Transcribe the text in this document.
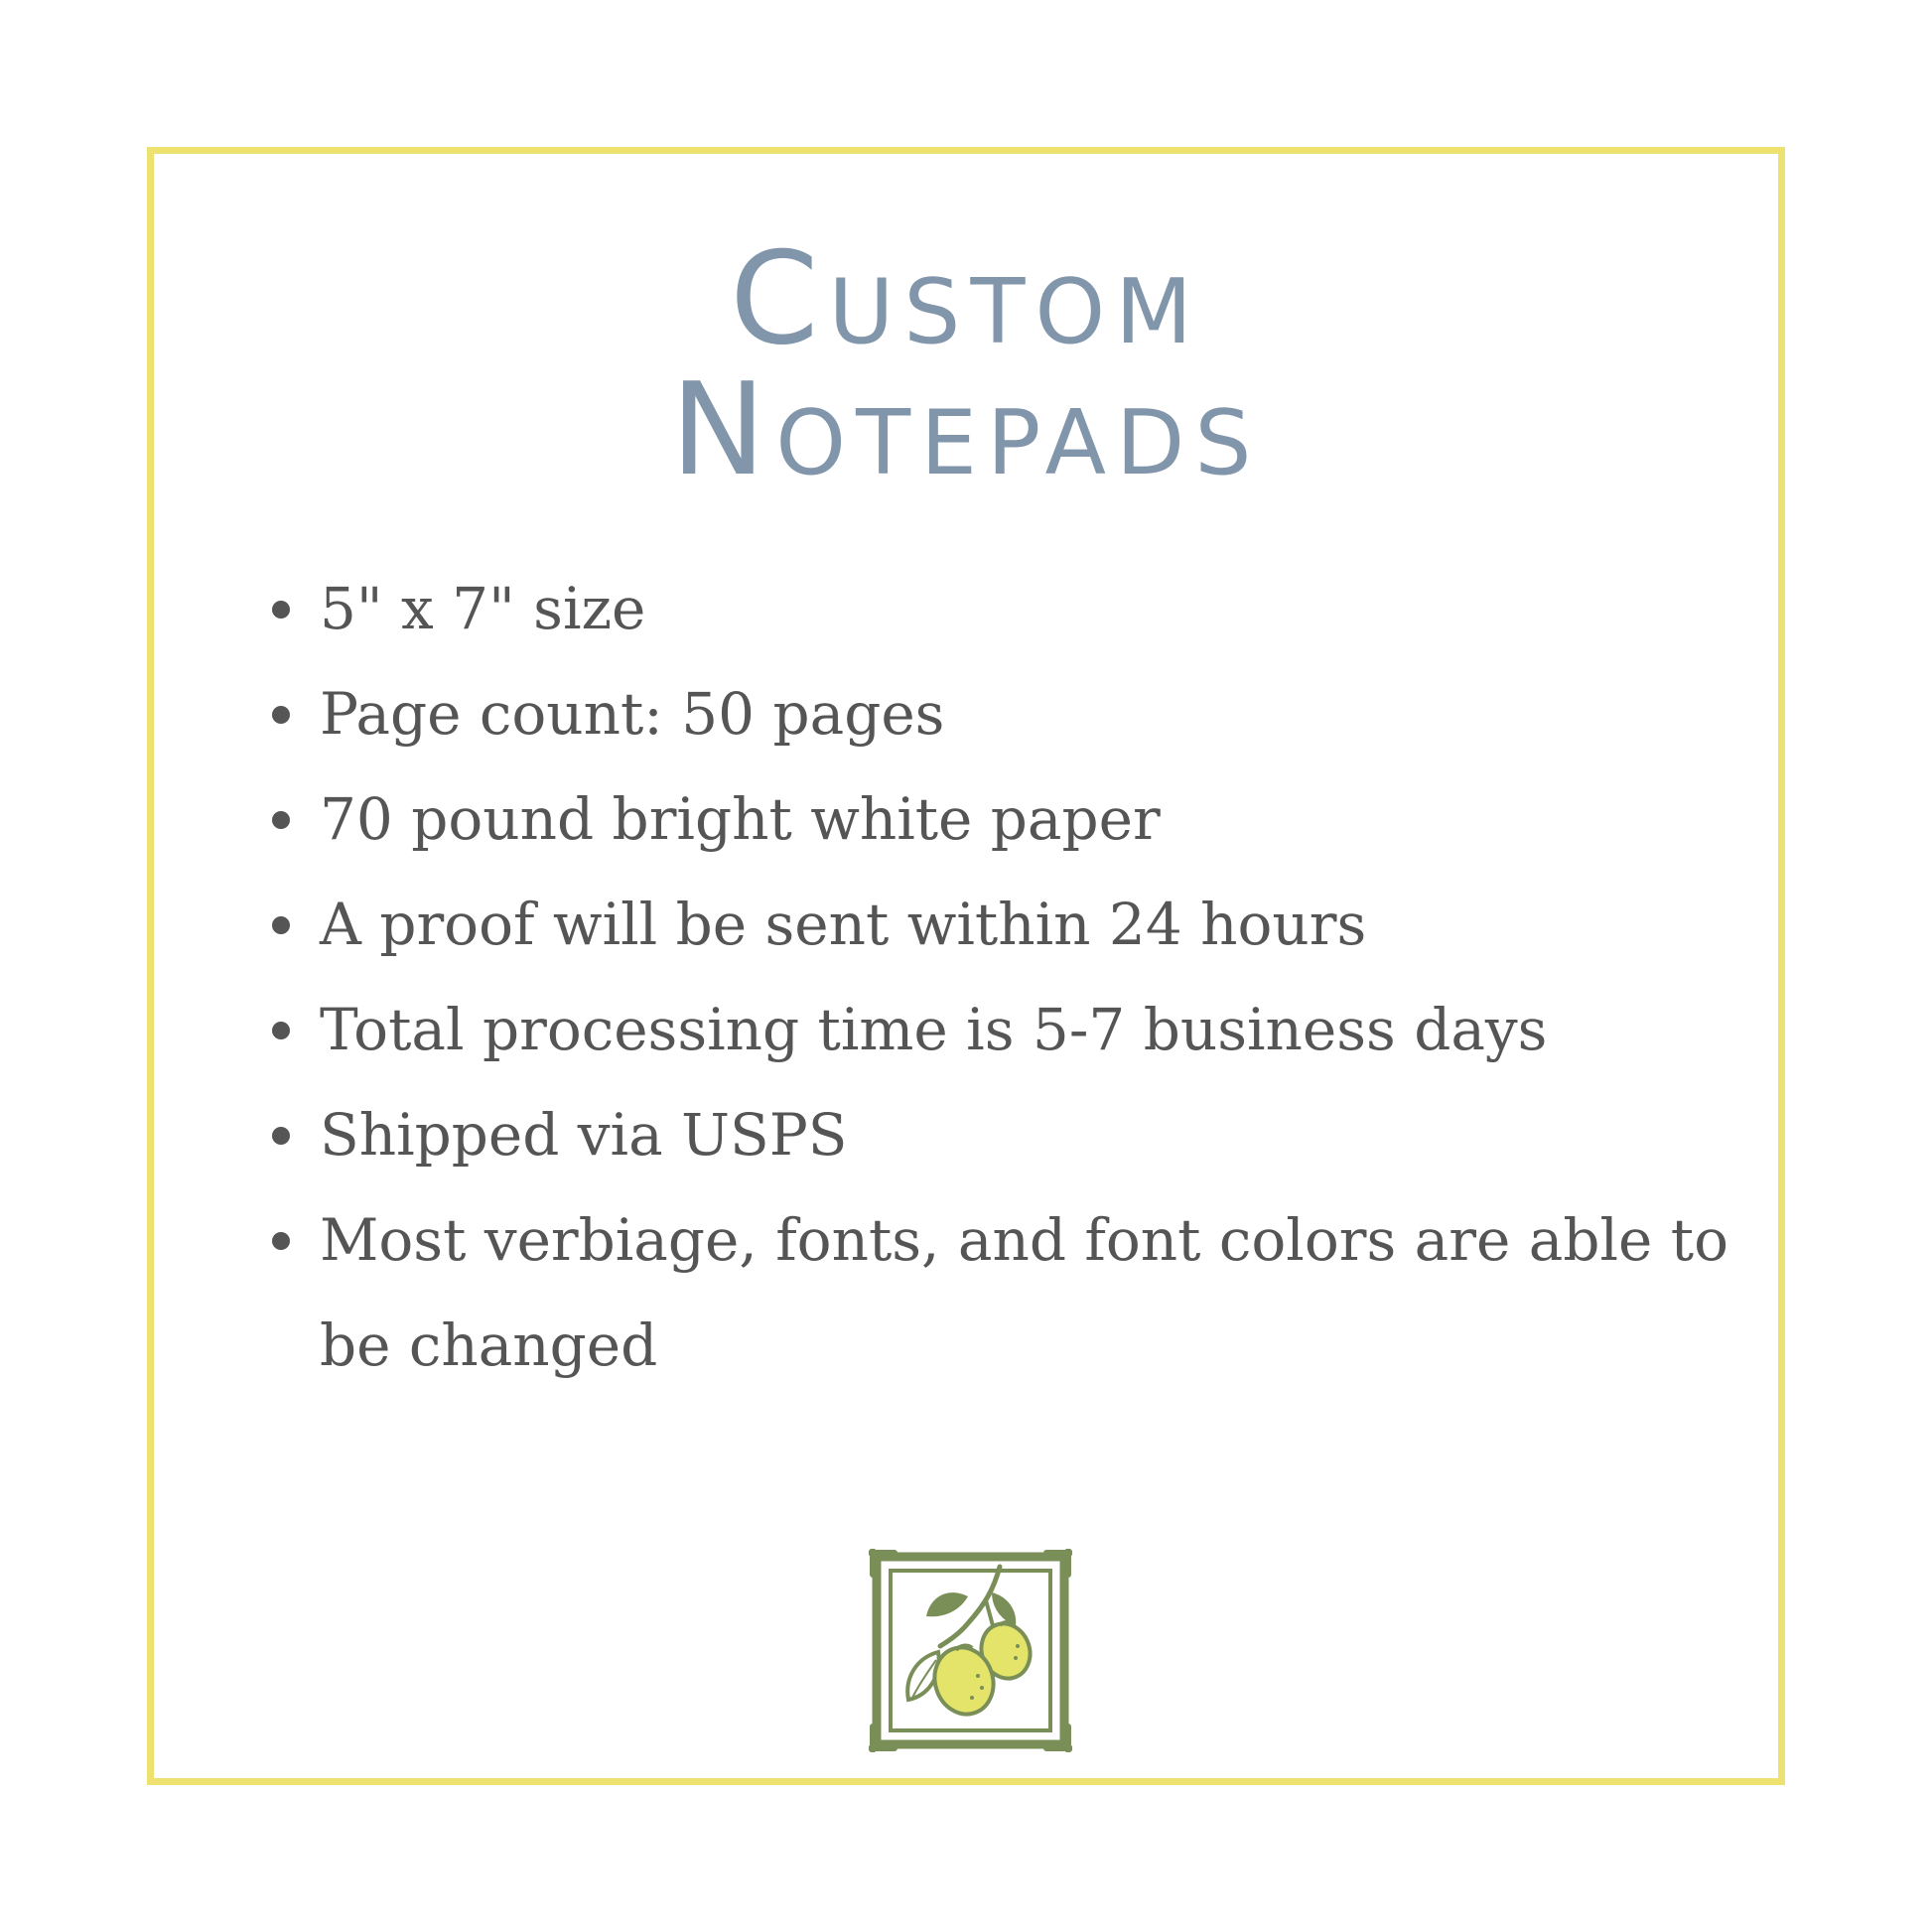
Custom
Notepads
5" x 7" size
Page count: 50 pages
70 pound bright white paper
A proof will be sent within 24 hours
Total processing time is 5-7 business days
Shipped via USPS
Most verbiage, fonts, and font colors are able to be changed
